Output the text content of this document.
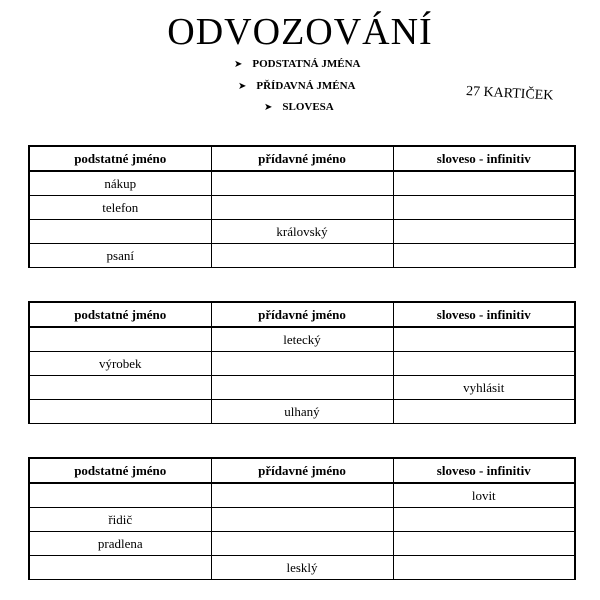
ODVOZOVÁNÍ
➤ PODSTATNÁ JMÉNA
➤ PŘÍDAVNÁ JMÉNA
➤ SLOVESA
27 KARTIČEK
podstatné jméno	přídavné jméno	sloveso - infinitiv
nákup		
telefon		
	královský	
psaní		
podstatné jméno	přídavné jméno	sloveso - infinitiv
	letecký	
výrobek		
		vyhlásit
	ulhaný	
podstatné jméno	přídavné jméno	sloveso - infinitiv
		lovit
řidič		
pradlena		
	lesklý	
